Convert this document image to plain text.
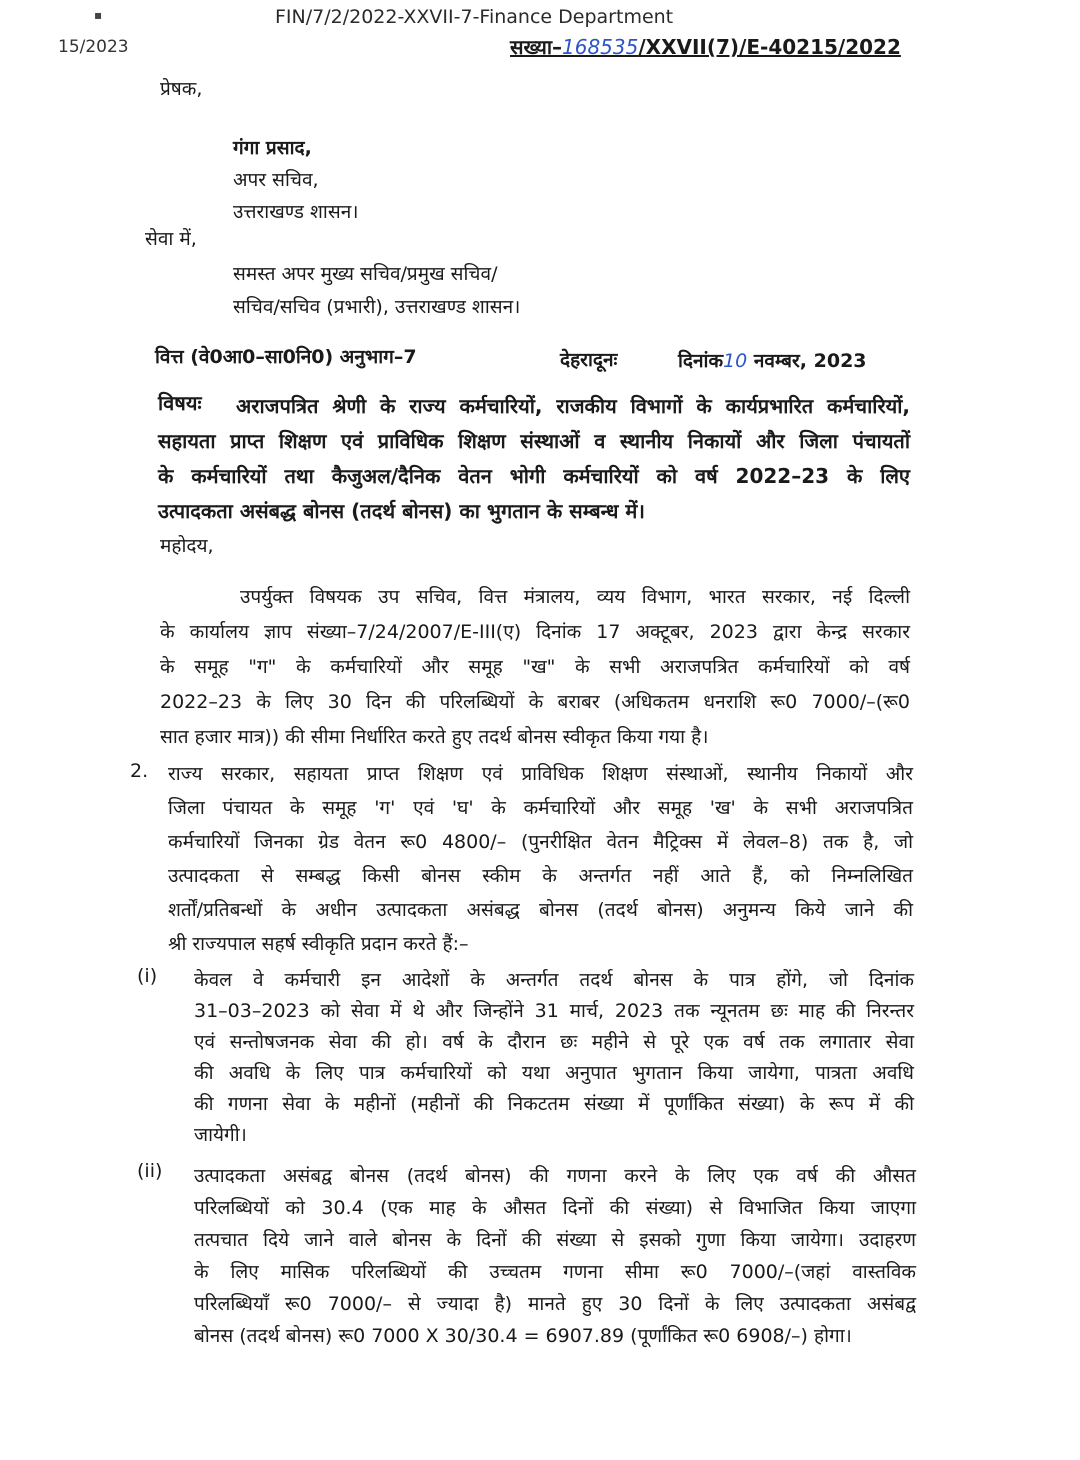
▪	FIN/7/2/2022-XXVII-7-Finance Department
15/2023	सख्या–168535/XXVII(7)/E-40215/2022
प्रेषक,
गंगा प्रसाद,
अपर सचिव,
उत्तराखण्ड शासन।
सेवा में,
समस्त अपर मुख्य सचिव/प्रमुख सचिव/
सचिव/सचिव (प्रभारी), उत्तराखण्ड शासन।
वित्त (वे0आ0–सा0नि0) अनुभाग–7	देहरादूनः	दिनांक10 नवम्बर, 2023
विषयः	अराजपत्रित श्रेणी के राज्य कर्मचारियों, राजकीय विभागों के कार्यप्रभारित कर्मचारियों,
सहायता प्राप्त शिक्षण एवं प्राविधिक शिक्षण संस्थाओं व स्थानीय निकायों और जिला पंचायतों
के कर्मचारियों तथा कैजुअल/दैनिक वेतन भोगी कर्मचारियों को वर्ष 2022–23 के लिए
उत्पादकता असंबद्ध बोनस (तदर्थ बोनस) का भुगतान के सम्बन्ध में।
महोदय,
उपर्युक्त विषयक उप सचिव, वित्त मंत्रालय, व्यय विभाग, भारत सरकार, नई दिल्ली
के कार्यालय ज्ञाप संख्या–7/24/2007/E-III(ए) दिनांक 17 अक्टूबर, 2023 द्वारा केन्द्र सरकार
के समूह "ग" के कर्मचारियों और समूह "ख" के सभी अराजपत्रित कर्मचारियों को वर्ष
2022–23 के लिए 30 दिन की परिलब्धियों के बराबर (अधिकतम धनराशि रू0 7000/–(रू0
सात हजार मात्र)) की सीमा निर्धारित करते हुए तदर्थ बोनस स्वीकृत किया गया है।
2. राज्य सरकार, सहायता प्राप्त शिक्षण एवं प्राविधिक शिक्षण संस्थाओं, स्थानीय निकायों और
जिला पंचायत के समूह 'ग' एवं 'घ' के कर्मचारियों और समूह 'ख' के सभी अराजपत्रित
कर्मचारियों जिनका ग्रेड वेतन रू0 4800/– (पुनरीक्षित वेतन मैट्रिक्स में लेवल–8) तक है, जो
उत्पादकता से सम्बद्ध किसी बोनस स्कीम के अन्तर्गत नहीं आते हैं, को निम्नलिखित
शर्तों/प्रतिबन्धों के अधीन उत्पादकता असंबद्ध बोनस (तदर्थ बोनस) अनुमन्य किये जाने की
श्री राज्यपाल सहर्ष स्वीकृति प्रदान करते हैं:–
(i) केवल वे कर्मचारी इन आदेशों के अन्तर्गत तदर्थ बोनस के पात्र होंगे, जो दिनांक
31–03–2023 को सेवा में थे और जिन्होंने 31 मार्च, 2023 तक न्यूनतम छः माह की निरन्तर
एवं सन्तोषजनक सेवा की हो। वर्ष के दौरान छः महीने से पूरे एक वर्ष तक लगातार सेवा
की अवधि के लिए पात्र कर्मचारियों को यथा अनुपात भुगतान किया जायेगा, पात्रता अवधि
की गणना सेवा के महीनों (महीनों की निकटतम संख्या में पूर्णांकित संख्या) के रूप में की
जायेगी।
(ii) उत्पादकता असंबद्व बोनस (तदर्थ बोनस) की गणना करने के लिए एक वर्ष की औसत
परिलब्धियों को 30.4 (एक माह के औसत दिनों की संख्या) से विभाजित किया जाएगा
तत्पचात दिये जाने वाले बोनस के दिनों की संख्या से इसको गुणा किया जायेगा। उदाहरण
के लिए मासिक परिलब्धियों की उच्चतम गणना सीमा रू0 7000/–(जहां वास्तविक
परिलब्धियाँ रू0 7000/– से ज्यादा है) मानते हुए 30 दिनों के लिए उत्पादकता असंबद्व
बोनस (तदर्थ बोनस) रू0 7000 X 30/30.4 = 6907.89 (पूर्णांकित रू0 6908/–) होगा।
